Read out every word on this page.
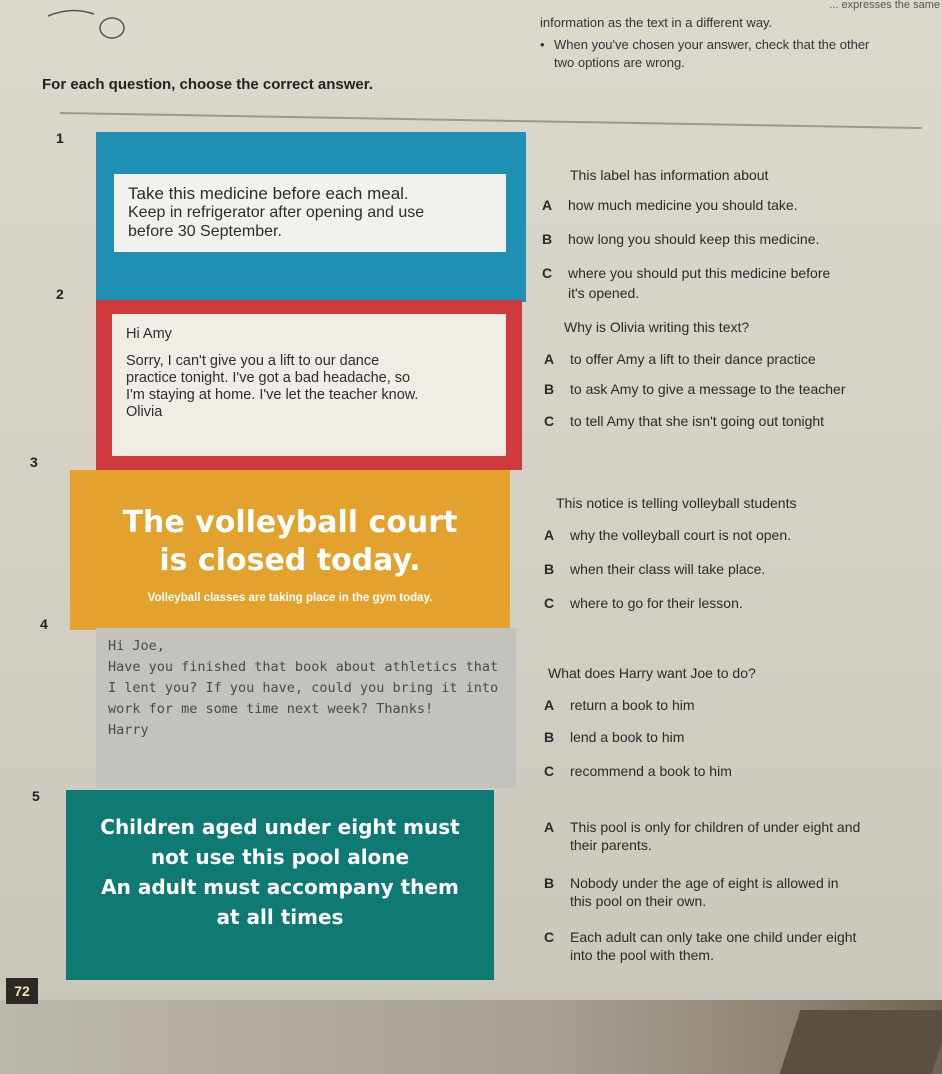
... expresses the same

information as the text in a different way.

• When you've chosen your answer, check that the other

two options are wrong.

For each question, choose the correct answer.
1
Take this medicine before each meal.
Keep in refrigerator after opening and use
before 30 September.
This label has information about
A how much medicine you should take.
B how long you should keep this medicine.
C where you should put this medicine before
it's opened.
2
Hi Amy
Sorry, I can't give you a lift to our dance
practice tonight. I've got a bad headache, so
I'm staying at home. I've let the teacher know.
Olivia
Why is Olivia writing this text?
A to offer Amy a lift to their dance practice
B to ask Amy to give a message to the teacher
C to tell Amy that she isn't going out tonight
3
The volleyball court
is closed today.
Volleyball classes are taking place in the gym today.
This notice is telling volleyball students
A why the volleyball court is not open.
B when their class will take place.
C where to go for their lesson.
4
Hi Joe,
Have you finished that book about athletics that
I lent you? If you have, could you bring it into
work for me some time next week? Thanks!
Harry
What does Harry want Joe to do?
A return a book to him
B lend a book to him
C recommend a book to him
5
Children aged under eight must
not use this pool alone
An adult must accompany them
at all times
A This pool is only for children of under eight and
their parents.
B Nobody under the age of eight is allowed in
this pool on their own.
C Each adult can only take one child under eight
into the pool with them.
72
